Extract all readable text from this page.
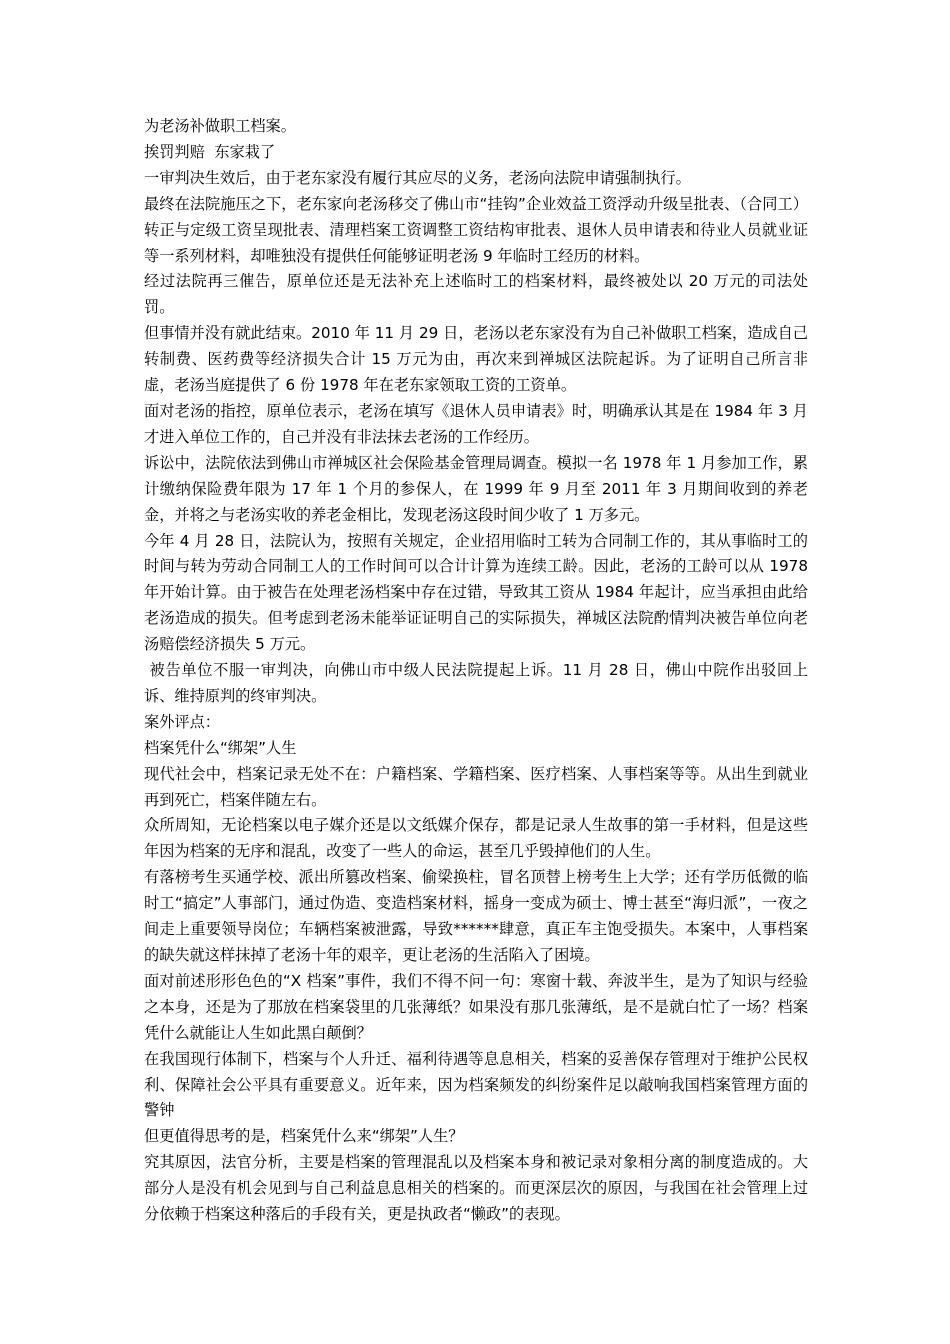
为老汤补做职工档案。

挨罚判赔  东家栽了

一审判决生效后，由于老东家没有履行其应尽的义务，老汤向法院申请强制执行。

最终在法院施压之下，老东家向老汤移交了佛山市“挂钩”企业效益工资浮动升级呈批表、（合同工）转正与定级工资呈现批表、清理档案工资调整工资结构审批表、退休人员申请表和待业人员就业证等一系列材料，却唯独没有提供任何能够证明老汤 9 年临时工经历的材料。

经过法院再三催告，原单位还是无法补充上述临时工的档案材料，最终被处以 20 万元的司法处罚。

但事情并没有就此结束。2010 年 11 月 29 日，老汤以老东家没有为自己补做职工档案，造成自己转制费、医药费等经济损失合计 15 万元为由，再次来到禅城区法院起诉。为了证明自己所言非虚，老汤当庭提供了 6 份 1978 年在老东家领取工资的工资单。

面对老汤的指控，原单位表示，老汤在填写《退休人员申请表》时，明确承认其是在 1984 年 3 月才进入单位工作的，自己并没有非法抹去老汤的工作经历。

诉讼中，法院依法到佛山市禅城区社会保险基金管理局调查。模拟一名 1978 年 1 月参加工作，累计缴纳保险费年限为 17 年 1 个月的参保人，在 1999 年 9 月至 2011 年 3 月期间收到的养老金，并将之与老汤实收的养老金相比，发现老汤这段时间少收了 1 万多元。

今年 4 月 28 日，法院认为，按照有关规定，企业招用临时工转为合同制工作的，其从事临时工的时间与转为劳动合同制工人的工作时间可以合计计算为连续工龄。因此，老汤的工龄可以从 1978 年开始计算。由于被告在处理老汤档案中存在过错，导致其工资从 1984 年起计，应当承担由此给老汤造成的损失。但考虑到老汤未能举证证明自己的实际损失，禅城区法院酌情判决被告单位向老汤赔偿经济损失 5 万元。

被告单位不服一审判决，向佛山市中级人民法院提起上诉。11 月 28 日，佛山中院作出驳回上诉、维持原判的终审判决。

案外评点：

档案凭什么“绑架”人生

现代社会中，档案记录无处不在：户籍档案、学籍档案、医疗档案、人事档案等等。从出生到就业再到死亡，档案伴随左右。

众所周知，无论档案以电子媒介还是以文纸媒介保存，都是记录人生故事的第一手材料，但是这些年因为档案的无序和混乱，改变了一些人的命运，甚至几乎毁掉他们的人生。

有落榜考生买通学校、派出所篡改档案、偷梁换柱，冒名顶替上榜考生上大学；还有学历低微的临时工“搞定”人事部门，通过伪造、变造档案材料，摇身一变成为硕士、博士甚至“海归派”，一夜之间走上重要领导岗位；车辆档案被泄露，导致******肆意，真正车主饱受损失。本案中，人事档案的缺失就这样抹掉了老汤十年的艰辛，更让老汤的生活陷入了困境。

面对前述形形色色的“X 档案”事件，我们不得不问一句：寒窗十载、奔波半生，是为了知识与经验之本身，还是为了那放在档案袋里的几张薄纸？如果没有那几张薄纸，是不是就白忙了一场？档案凭什么就能让人生如此黑白颠倒？

在我国现行体制下，档案与个人升迁、福利待遇等息息相关，档案的妥善保存管理对于维护公民权利、保障社会公平具有重要意义。近年来，因为档案频发的纠纷案件足以敲响我国档案管理方面的警钟

但更值得思考的是，档案凭什么来“绑架”人生？

究其原因，法官分析，主要是档案的管理混乱以及档案本身和被记录对象相分离的制度造成的。大部分人是没有机会见到与自己利益息息相关的档案的。而更深层次的原因，与我国在社会管理上过分依赖于档案这种落后的手段有关，更是执政者“懒政”的表现。
